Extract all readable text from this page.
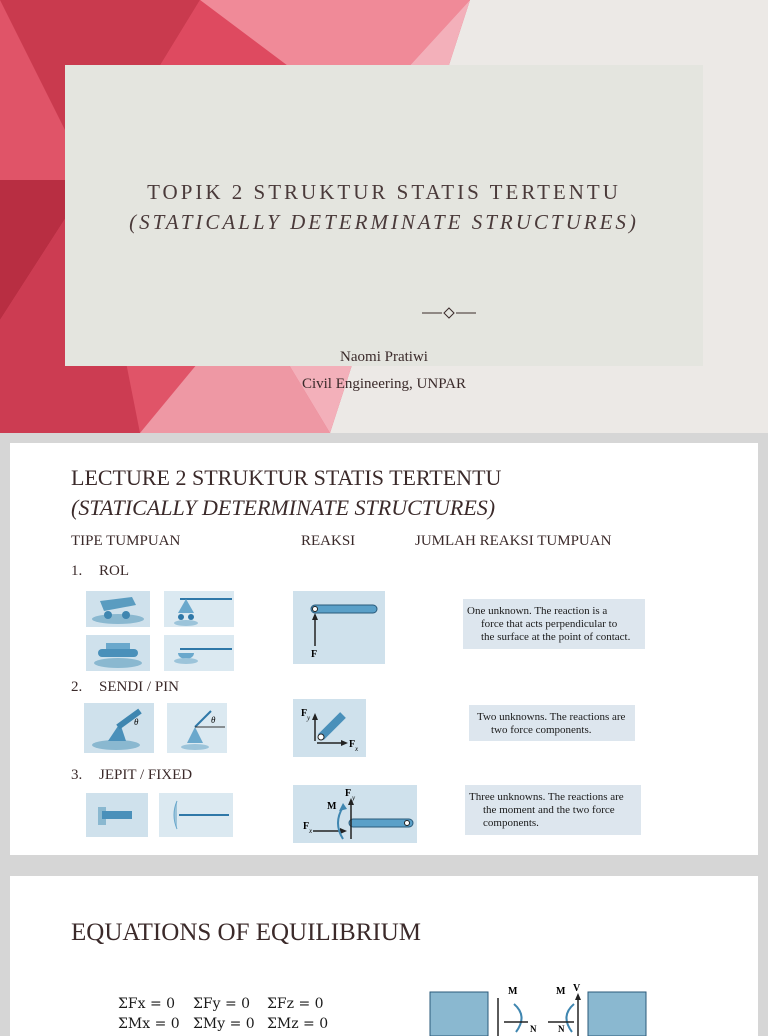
TOPIK 2 STRUKTUR STATIS TERTENTU
(STATICALLY DETERMINATE STRUCTURES)
Naomi Pratiwi
Civil Engineering, UNPAR
LECTURE 2 STRUKTUR STATIS TERTENTU
(STATICALLY DETERMINATE STRUCTURES)
TIPE TUMPUAN	REAKSI	JUMLAH REAKSI TUMPUAN
1. ROL
F
One unknown. The reaction is a
force that acts perpendicular to
the surface at the point of contact.
2. SENDI / PIN
θ	θ
F y
F x
Two unknowns. The reactions are
two force components.
3. JEPIT / FIXED
M
F y
F x
Three unknowns. The reactions are
the moment and the two force
components.
EQUATIONS OF EQUILIBRIUM
ΣFx = 0 ΣFy = 0 ΣFz = 0
ΣMx = 0 ΣMy = 0 ΣMz = 0
M	M V
N N
